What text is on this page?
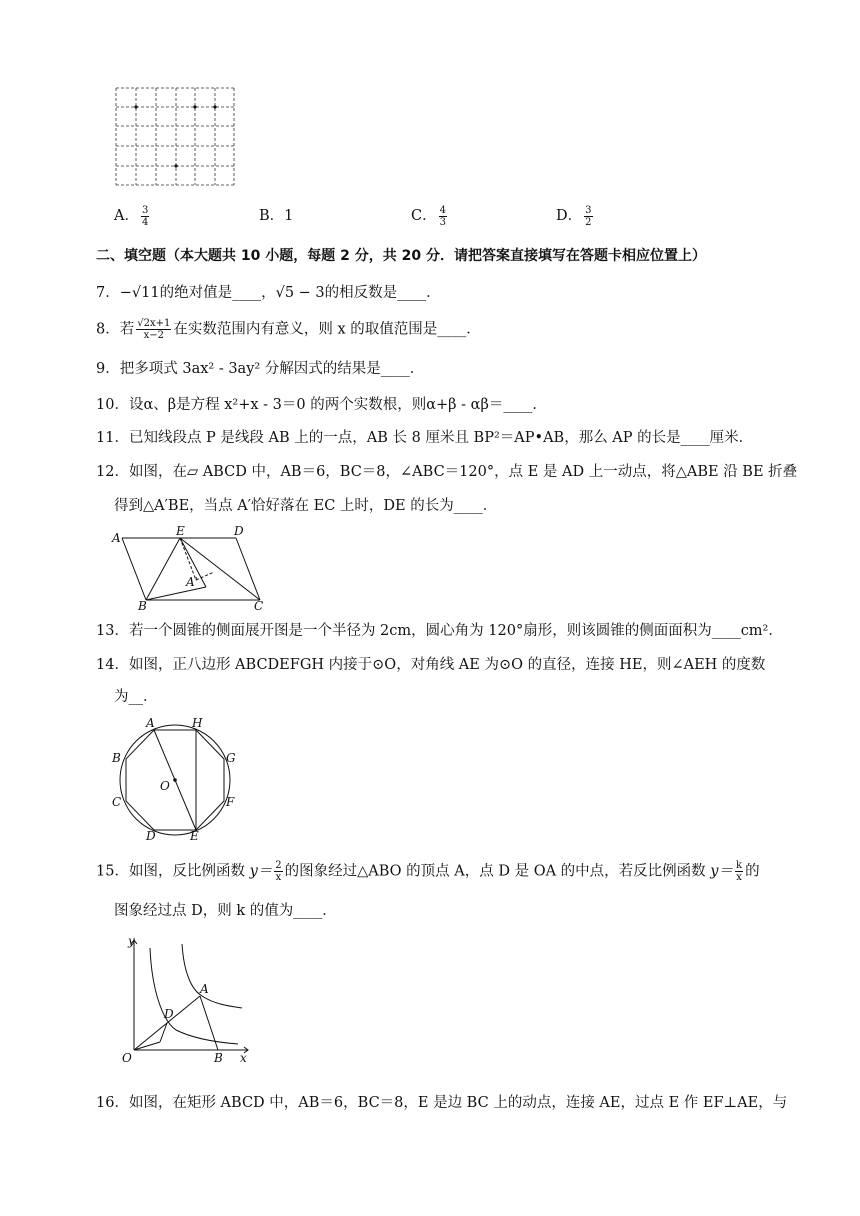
A． $\frac{3}{4}$	B．1	C． $\frac{4}{3}$	D． $\frac{3}{2}$
二、填空题（本大题共 10 小题，每题 2 分，共 20 分．请把答案直接填写在答题卡相应位置上）
7．−√11的绝对值是____，√5 − 3的相反数是____．
8．若 $\frac{√2x+1}{x-2}$ 在实数范围内有意义，则 x 的取值范围是____．
9．把多项式 3ax² - 3ay² 分解因式的结果是____．
10．设α、β是方程 x²+x - 3＝0 的两个实数根，则α+β - αβ＝____．
11．已知线段点 P 是线段 AB 上的一点，AB 长 8 厘米且 BP²＝AP•AB，那么 AP 的长是____厘米．
12．如图，在▱ ABCD 中，AB＝6，BC＝8，∠ABC＝120°，点 E 是 AD 上一动点，将△ABE 沿 BE 折叠
得到△A′BE，当点 A′恰好落在 EC 上时，DE 的长为____．
A	E	D
A'
B	C
13．若一个圆锥的侧面展开图是一个半径为 2cm，圆心角为 120°扇形，则该圆锥的侧面面积为____cm²．
14．如图，正八边形 ABCDEFGH 内接于⊙O，对角线 AE 为⊙O 的直径，连接 HE，则∠AEH 的度数
为__．
A	H
B	G
O
C	F
D	E
15．如图，反比例函数 $y= \frac{2}{x}$ 的图象经过△ABO 的顶点 A，点 D 是 OA 的中点，若反比例函数 $y= \frac{k}{x}$ 的
图象经过点 D，则 k 的值为____．
y
A
D
O	B x
16．如图，在矩形 ABCD 中，AB＝6，BC＝8，E 是边 BC 上的动点，连接 AE，过点 E 作 EF⊥AE，与
